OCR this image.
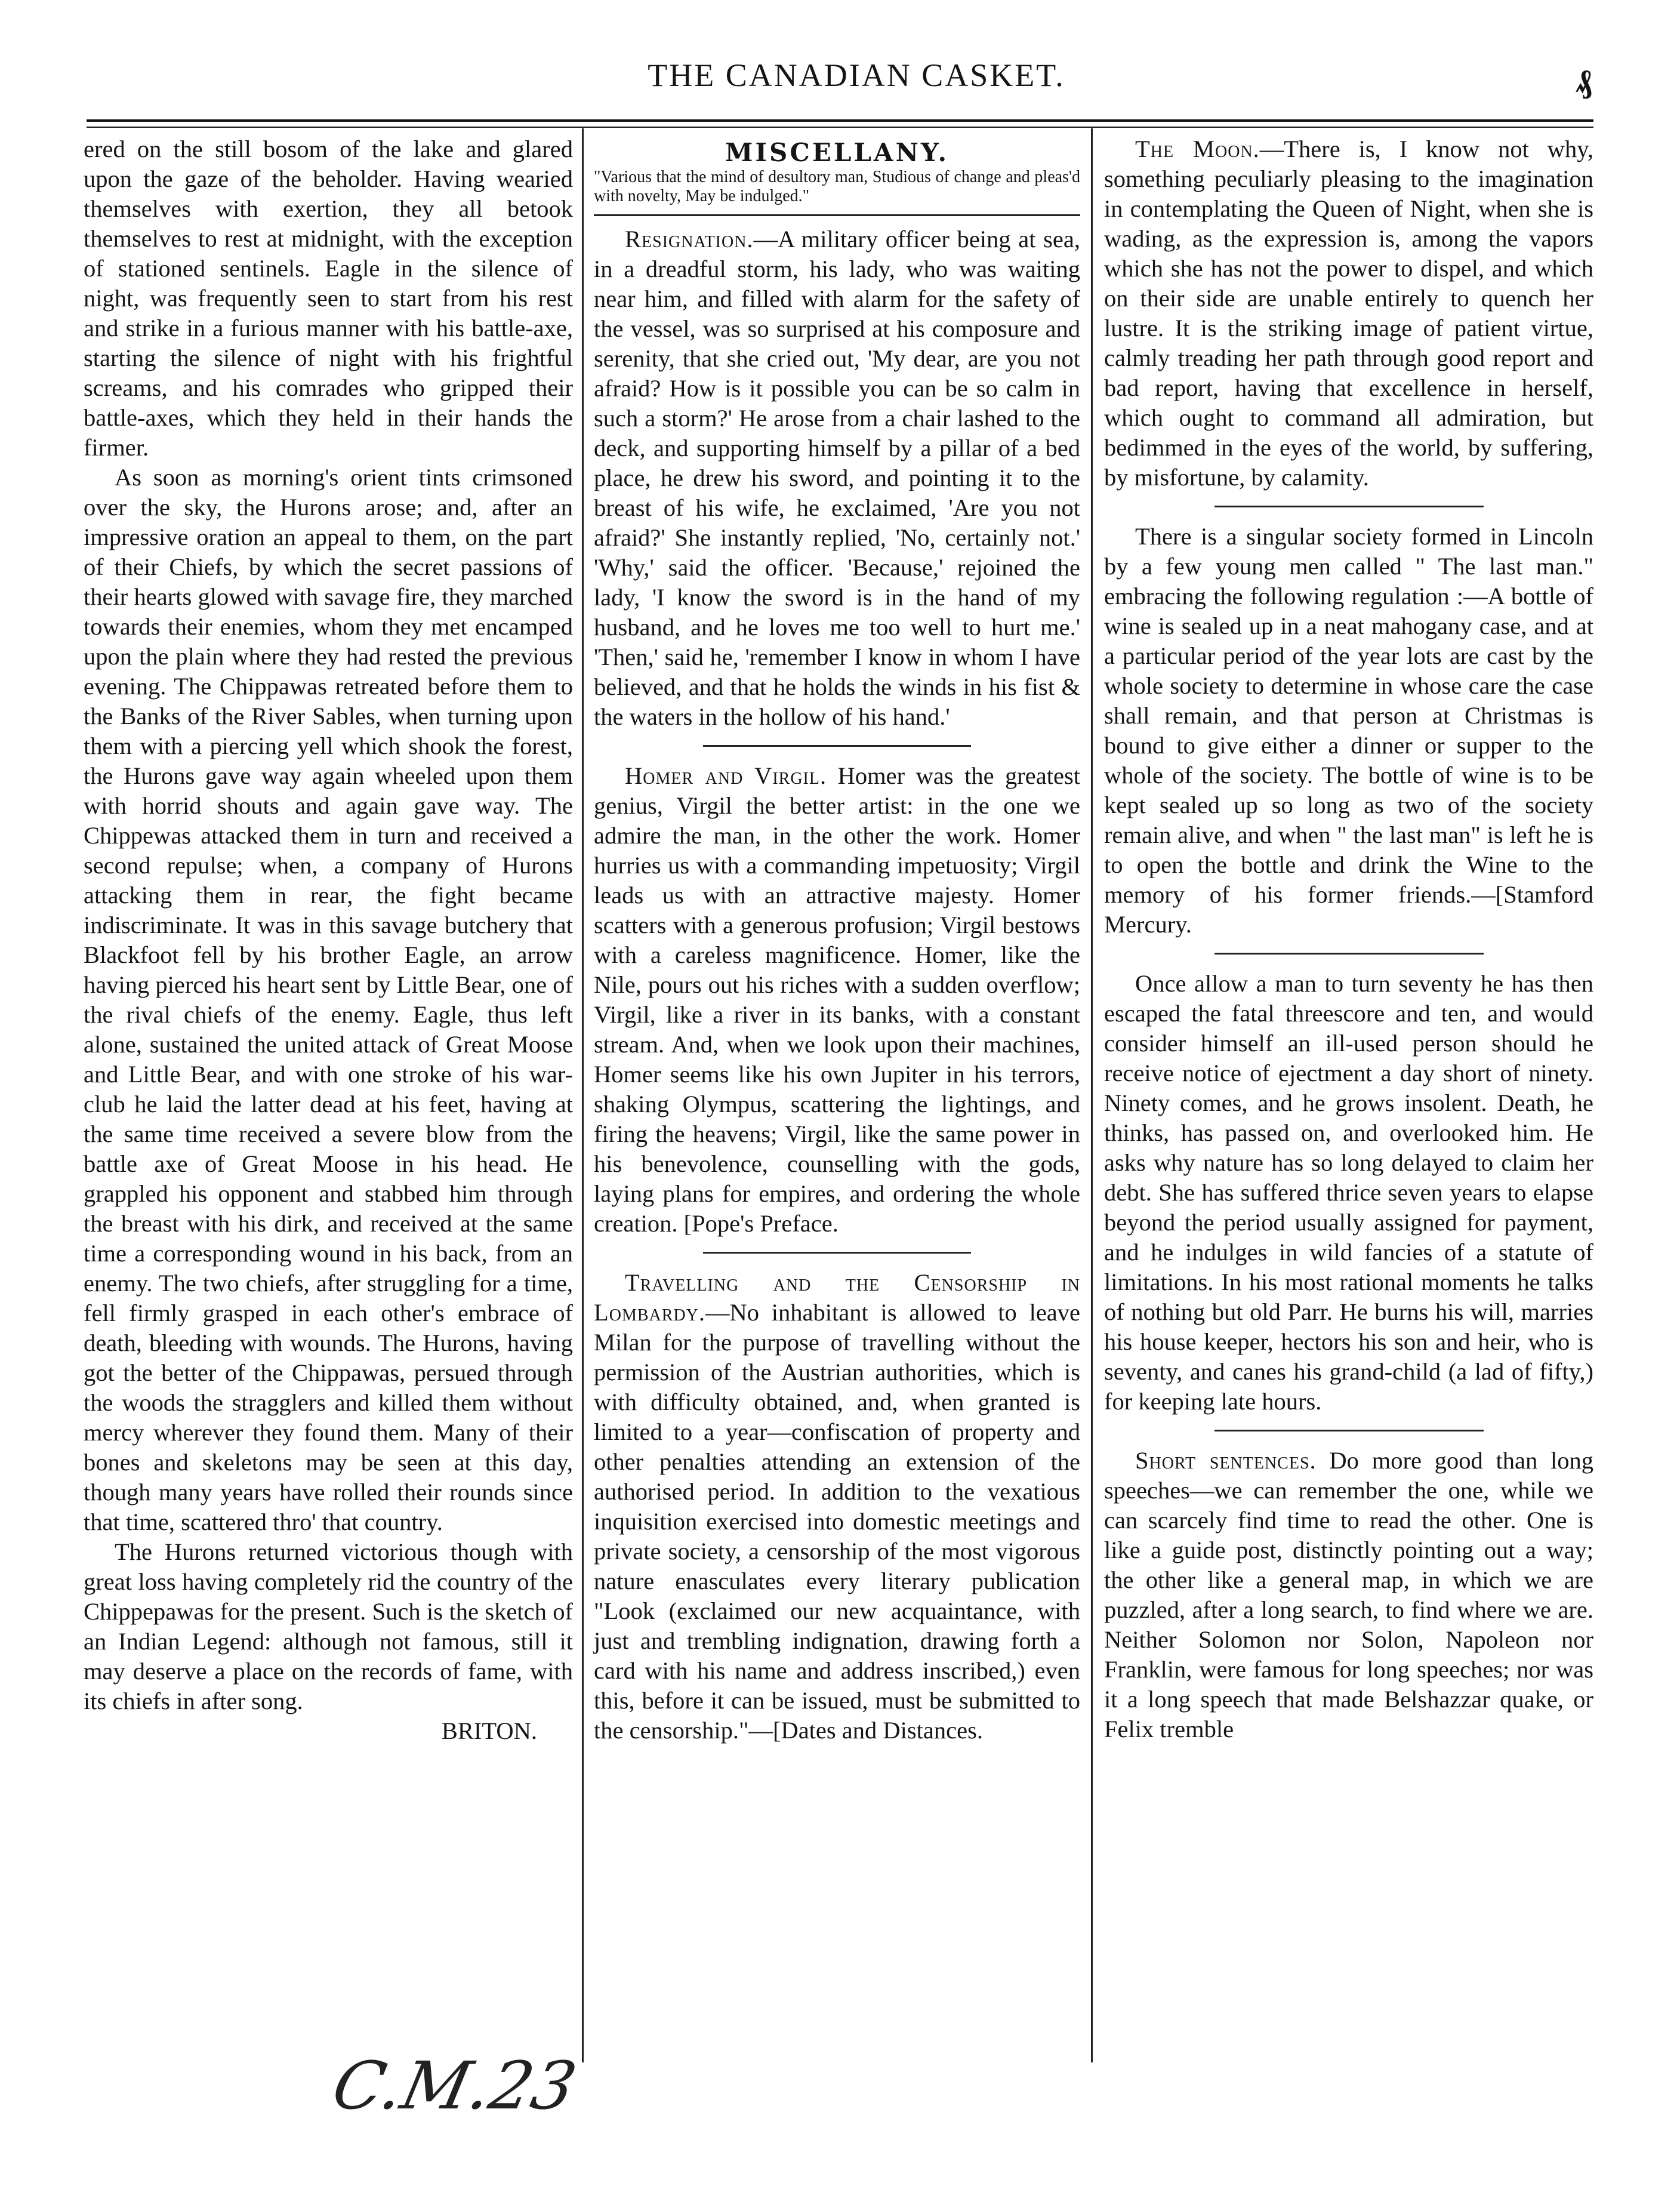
THE CANADIAN CASKET.	₰

ered on the still bosom of the lake and glared upon the gaze of the beholder. Having wearied themselves with exertion, they all betook themselves to rest at midnight, with the exception of stationed sentinels. Eagle in the silence of night, was frequently seen to start from his rest and strike in a furious manner with his battle-axe, starting the silence of night with his frightful screams, and his comrades who gripped their battle-axes, which they held in their hands the firmer.

As soon as morning's orient tints crimsoned over the sky, the Hurons arose; and, after an impressive oration an appeal to them, on the part of their Chiefs, by which the secret passions of their hearts glowed with savage fire, they marched towards their enemies, whom they met encamped upon the plain where they had rested the previous evening. The Chippawas retreated before them to the Banks of the River Sables, when turning upon them with a piercing yell which shook the forest, the Hurons gave way again wheeled upon them with horrid shouts and again gave way. The Chippewas attacked them in turn and received a second repulse; when, a company of Hurons attacking them in rear, the fight became indiscriminate. It was in this savage butchery that Blackfoot fell by his brother Eagle, an arrow having pierced his heart sent by Little Bear, one of the rival chiefs of the enemy. Eagle, thus left alone, sustained the united attack of Great Moose and Little Bear, and with one stroke of his war-club he laid the latter dead at his feet, having at the same time received a severe blow from the battle axe of Great Moose in his head. He grappled his opponent and stabbed him through the breast with his dirk, and received at the same time a corresponding wound in his back, from an enemy. The two chiefs, after struggling for a time, fell firmly grasped in each other's embrace of death, bleeding with wounds. The Hurons, having got the better of the Chippawas, persued through the woods the stragglers and killed them without mercy wherever they found them. Many of their bones and skeletons may be seen at this day, though many years have rolled their rounds since that time, scattered thro' that country.

The Hurons returned victorious though with great loss having completely rid the country of the Chippepawas for the present. Such is the sketch of an Indian Legend: although not famous, still it may deserve a place on the records of fame, with its chiefs in after song.

BRITON.

MISCELLANY.

"Various that the mind of desultory man, Studious of change and pleas'd with novelty, May be indulged."

Resignation.—A military officer being at sea, in a dreadful storm, his lady, who was waiting near him, and filled with alarm for the safety of the vessel, was so surprised at his composure and serenity, that she cried out, 'My dear, are you not afraid? How is it possible you can be so calm in such a storm?' He arose from a chair lashed to the deck, and supporting himself by a pillar of a bed place, he drew his sword, and pointing it to the breast of his wife, he exclaimed, 'Are you not afraid?' She instantly replied, 'No, certainly not.' 'Why,' said the officer. 'Because,' rejoined the lady, 'I know the sword is in the hand of my husband, and he loves me too well to hurt me.' 'Then,' said he, 'remember I know in whom I have believed, and that he holds the winds in his fist & the waters in the hollow of his hand.'

Homer and Virgil. Homer was the greatest genius, Virgil the better artist: in the one we admire the man, in the other the work. Homer hurries us with a commanding impetuosity; Virgil leads us with an attractive majesty. Homer scatters with a generous profusion; Virgil bestows with a careless magnificence. Homer, like the Nile, pours out his riches with a sudden overflow; Virgil, like a river in its banks, with a constant stream. And, when we look upon their machines, Homer seems like his own Jupiter in his terrors, shaking Olympus, scattering the lightings, and firing the heavens; Virgil, like the same power in his benevolence, counselling with the gods, laying plans for empires, and ordering the whole creation. [Pope's Preface.

Travelling and the Censorship in Lombardy.—No inhabitant is allowed to leave Milan for the purpose of travelling without the permission of the Austrian authorities, which is with difficulty obtained, and, when granted is limited to a year—confiscation of property and other penalties attending an extension of the authorised period. In addition to the vexatious inquisition exercised into domestic meetings and private society, a censorship of the most vigorous nature enasculates every literary publication "Look (exclaimed our new acquaintance, with just and trembling indignation, drawing forth a card with his name and address inscribed,) even this, before it can be issued, must be submitted to the censorship."—[Dates and Distances.

The Moon.—There is, I know not why, something peculiarly pleasing to the imagination in contemplating the Queen of Night, when she is wading, as the expression is, among the vapors which she has not the power to dispel, and which on their side are unable entirely to quench her lustre. It is the striking image of patient virtue, calmly treading her path through good report and bad report, having that excellence in herself, which ought to command all admiration, but bedimmed in the eyes of the world, by suffering, by misfortune, by calamity.

There is a singular society formed in Lincoln by a few young men called " The last man." embracing the following regulation :—A bottle of wine is sealed up in a neat mahogany case, and at a particular period of the year lots are cast by the whole society to determine in whose care the case shall remain, and that person at Christmas is bound to give either a dinner or supper to the whole of the society. The bottle of wine is to be kept sealed up so long as two of the society remain alive, and when " the last man" is left he is to open the bottle and drink the Wine to the memory of his former friends.—[Stamford Mercury.

Once allow a man to turn seventy he has then escaped the fatal threescore and ten, and would consider himself an ill-used person should he receive notice of ejectment a day short of ninety. Ninety comes, and he grows insolent. Death, he thinks, has passed on, and overlooked him. He asks why nature has so long delayed to claim her debt. She has suffered thrice seven years to elapse beyond the period usually assigned for payment, and he indulges in wild fancies of a statute of limitations. In his most rational moments he talks of nothing but old Parr. He burns his will, marries his house keeper, hectors his son and heir, who is seventy, and canes his grand-child (a lad of fifty,) for keeping late hours.

Short sentences. Do more good than long speeches—we can remember the one, while we can scarcely find time to read the other. One is like a guide post, distinctly pointing out a way; the other like a general map, in which we are puzzled, after a long search, to find where we are. Neither Solomon nor Solon, Napoleon nor Franklin, were famous for long speeches; nor was it a long speech that made Belshazzar quake, or Felix tremble

C.M.23
